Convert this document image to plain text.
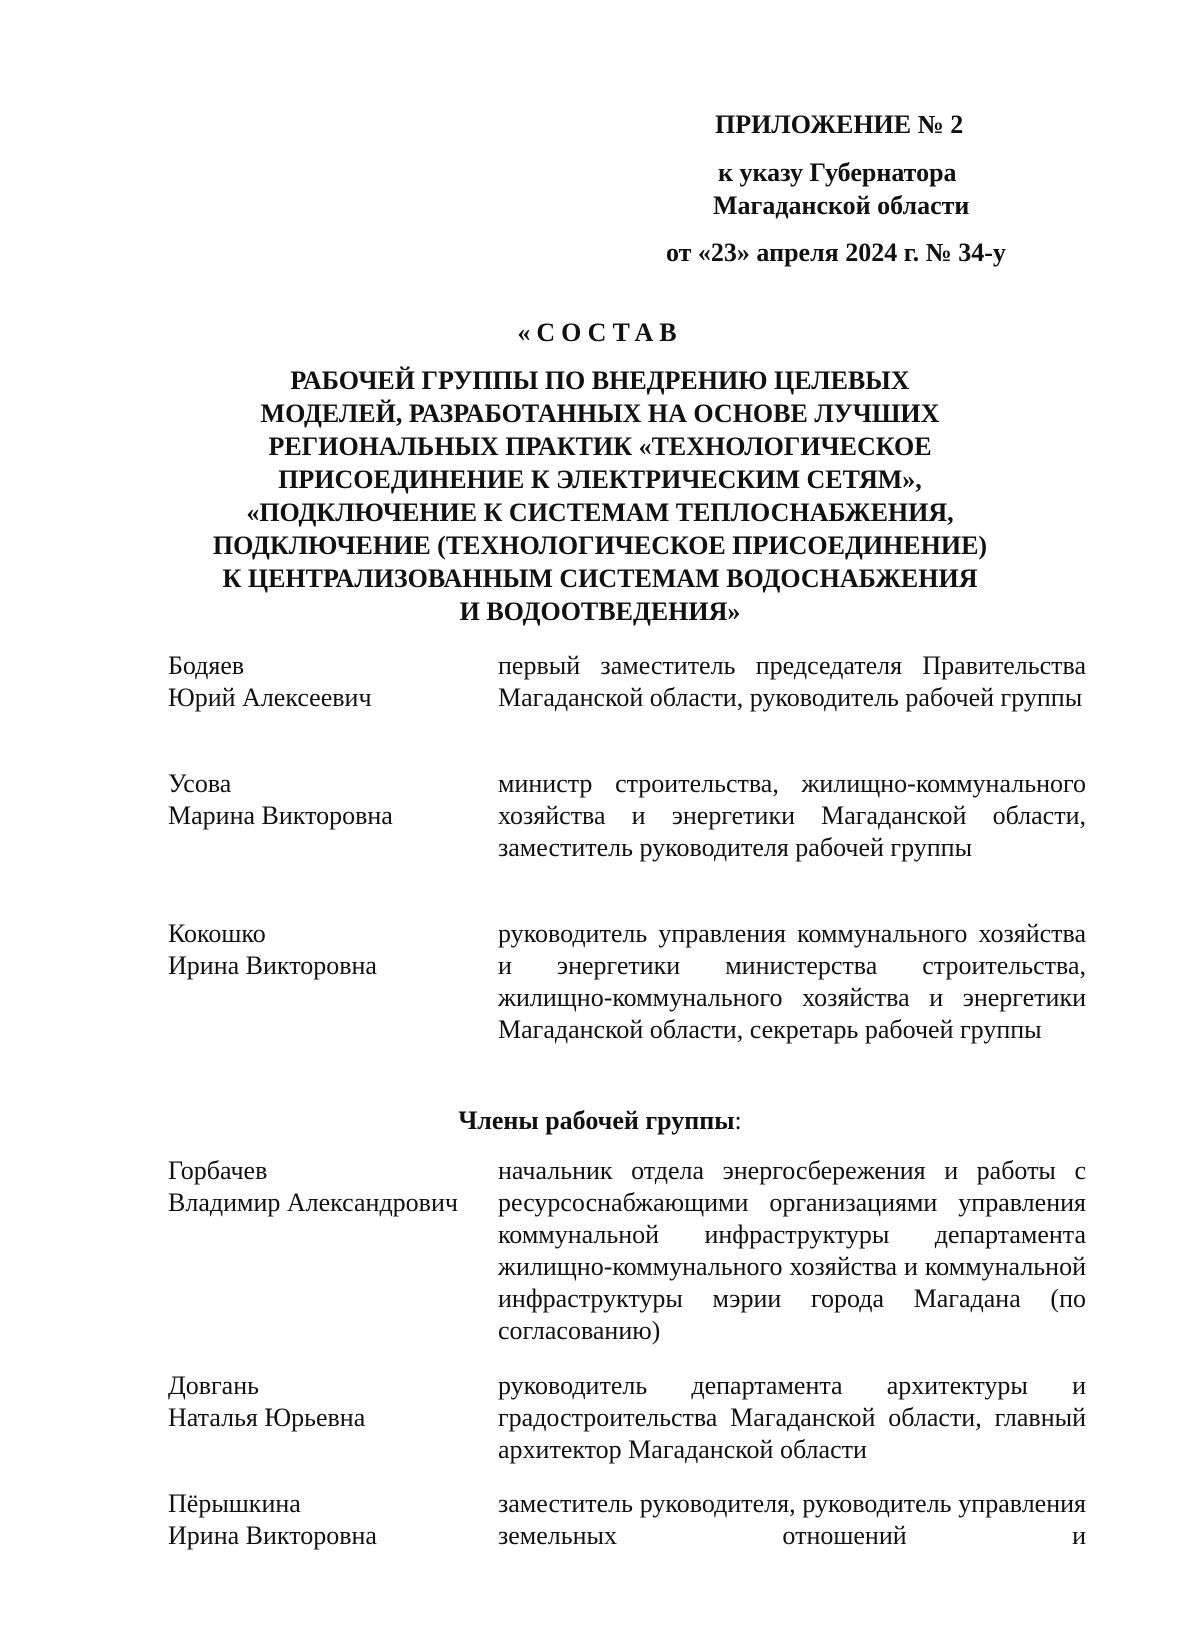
ПРИЛОЖЕНИЕ № 2
к указу Губернатора
Магаданской области
от «23» апреля 2024 г. № 34-у
«СОСТАВ
РАБОЧЕЙ ГРУППЫ ПО ВНЕДРЕНИЮ ЦЕЛЕВЫХ
МОДЕЛЕЙ, РАЗРАБОТАННЫХ НА ОСНОВЕ ЛУЧШИХ
РЕГИОНАЛЬНЫХ ПРАКТИК «ТЕХНОЛОГИЧЕСКОЕ
ПРИСОЕДИНЕНИЕ К ЭЛЕКТРИЧЕСКИМ СЕТЯМ»,
«ПОДКЛЮЧЕНИЕ К СИСТЕМАМ ТЕПЛОСНАБЖЕНИЯ,
ПОДКЛЮЧЕНИЕ (ТЕХНОЛОГИЧЕСКОЕ ПРИСОЕДИНЕНИЕ)
К ЦЕНТРАЛИЗОВАННЫМ СИСТЕМАМ ВОДОСНАБЖЕНИЯ
И ВОДООТВЕДЕНИЯ»
Бодяев
Юрий Алексеевич
первый заместитель председателя Правительства Магаданской области, руководитель рабочей группы
Усова
Марина Викторовна
министр строительства, жилищно-коммунального хозяйства и энергетики Магаданской области, заместитель руководителя рабочей группы
Кокошко
Ирина Викторовна
руководитель управления коммунального хозяйства и энергетики министерства строительства, жилищно-коммунального хозяйства и энергетики Магаданской области, секретарь рабочей группы
Члены рабочей группы:
Горбачев
Владимир Александрович
начальник отдела энергосбережения и работы с ресурсоснабжающими организациями управления коммунальной инфраструктуры департамента жилищно-коммунального хозяйства и коммунальной инфраструктуры мэрии города Магадана (по согласованию)
Довгань
Наталья Юрьевна
руководитель департамента архитектуры и градостроительства Магаданской области, главный архитектор Магаданской области
Пёрышкина
Ирина Викторовна
заместитель руководителя, руководитель управления земельных отношений и
